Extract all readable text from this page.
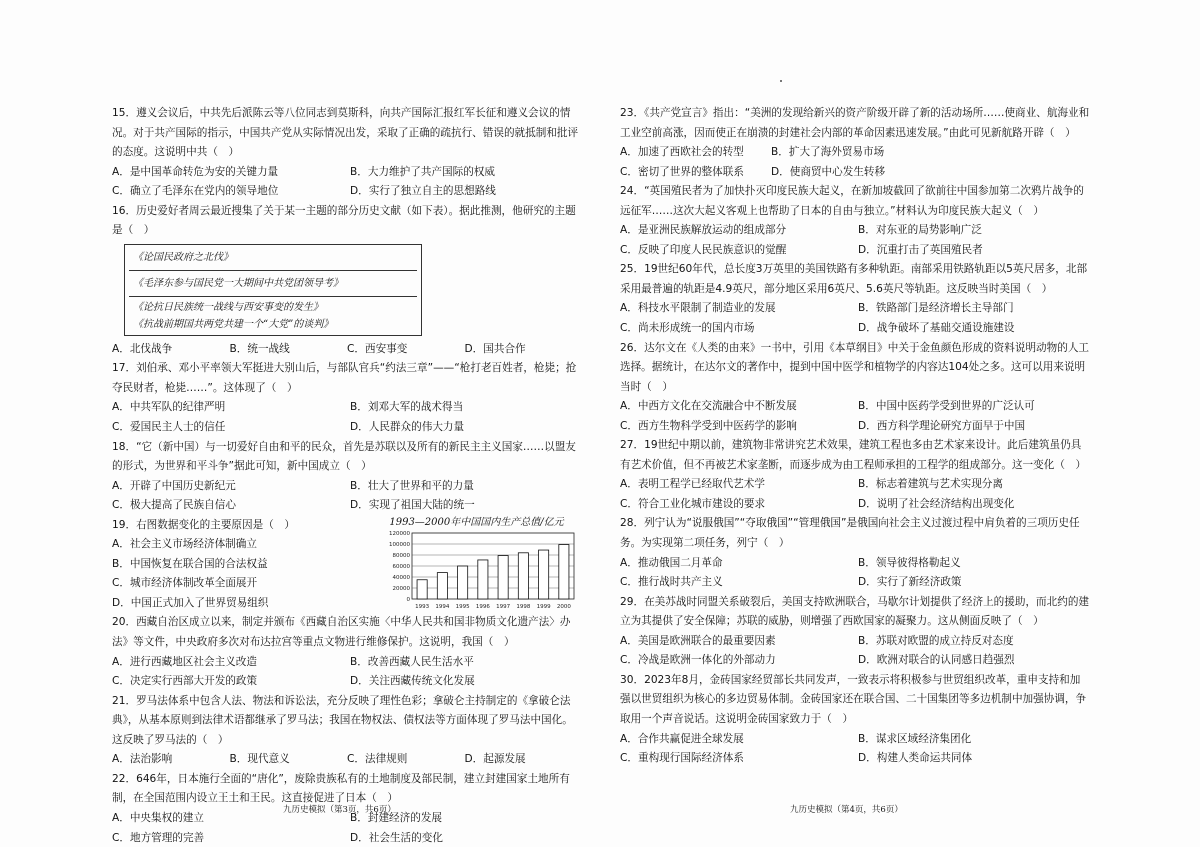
15．遵义会议后，中共先后派陈云等八位同志到莫斯科，向共产国际汇报红军长征和遵义会议的情况。对于共产国际的指示，中国共产党从实际情况出发，采取了正确的疏抗行、错误的就抵制和批评的态度。这说明中共（　）

A．是中国革命转危为安的关键力量	B．大力维护了共产国际的权威
C．确立了毛泽东在党内的领导地位	D．实行了独立自主的思想路线

16．历史爱好者周云最近搜集了关于某一主题的部分历史文献（如下表）。据此推测，他研究的主题是（　）

《论国民政府之北伐》
《毛泽东参与国民党一大期间中共党团领导考》
《论抗日民族统一战线与西安事变的发生》
《抗战前期国共两党共建一个“大党”的谈判》
A．北伐战争	B．统一战线	C．西安事变	D．国共合作

17．刘伯承、邓小平率领大军挺进大别山后，与部队官兵“约法三章”——“枪打老百姓者，枪毙；抢夺民财者，枪毙……”。这体现了（　）

A．中共军队的纪律严明	B．刘邓大军的战术得当
C．爱国民主人士的信任	D．人民群众的伟大力量

18．“它（新中国）与一切爱好自由和平的民众，首先是苏联以及所有的新民主主义国家……以盟友的形式，为世界和平斗争”据此可知，新中国成立（　）

A．开辟了中国历史新纪元	B．壮大了世界和平的力量
C．极大提高了民族自信心	D．实现了祖国大陆的统一

19．右图数据变化的主要原因是（　）

A．社会主义市场经济体制确立
B．中国恢复在联合国的合法权益
C．城市经济体制改革全面展开
D．中国正式加入了世界贸易组织
1993—2000年中国国内生产总值/亿元
120000
100000
80000
60000
40000
20000
0
1993 1994 1995 1996 1997 1998 1999 2000

20．西藏自治区成立以来，制定并颁布《西藏自治区实施〈中华人民共和国非物质文化遗产法〉办法》等文件，中央政府多次对布达拉宫等重点文物进行维修保护。这说明，我国（　）

A．进行西藏地区社会主义改造	B．改善西藏人民生活水平
C．决定实行西部大开发的政策	D．关注西藏传统文化发展

21．罗马法体系中包含人法、物法和诉讼法，充分反映了理性色彩；拿破仑主持制定的《拿破仑法典》，从基本原则到法律术语都继承了罗马法；我国在物权法、债权法等方面体现了罗马法中国化。这反映了罗马法的（　）

A．法治影响	B．现代意义	C．法律规则	D．起源发展

22．646年，日本施行全面的“唐化”，废除贵族私有的土地制度及部民制，建立封建国家土地所有制，在全国范围内设立王土和王民。这直接促进了日本（　）

A．中央集权的建立	B．封建经济的发展
C．地方管理的完善	D．社会生活的变化

23．《共产党宣言》指出：“美洲的发现给新兴的资产阶级开辟了新的活动场所……使商业、航海业和工业空前高涨，因而使正在崩溃的封建社会内部的革命因素迅速发展。”由此可见新航路开辟（　）

A．加速了西欧社会的转型	B．扩大了海外贸易市场
C．密切了世界的整体联系	D．使商贸中心发生转移

24．“英国殖民者为了加快扑灭印度民族大起义，在新加坡截回了欲前往中国参加第二次鸦片战争的远征军……这次大起义客观上也帮助了日本的自由与独立。”材料认为印度民族大起义（　）

A．是亚洲民族解放运动的组成部分	B．对东亚的局势影响广泛
C．反映了印度人民民族意识的觉醒	D．沉重打击了英国殖民者

25．19世纪60年代，总长度3万英里的美国铁路有多种轨距。南部采用铁路轨距以5英尺居多，北部采用最普遍的轨距是4.9英尺，部分地区采用6英尺、5.6英尺等轨距。这反映当时美国（　）

A．科技水平限制了制造业的发展	B．铁路部门是经济增长主导部门
C．尚未形成统一的国内市场	D．战争破坏了基础交通设施建设

26．达尔文在《人类的由来》一书中，引用《本草纲目》中关于金鱼颜色形成的资料说明动物的人工选择。据统计，在达尔文的著作中，提到中国中医学和植物学的内容达104处之多。这可以用来说明当时（　）

A．中西方文化在交流融合中不断发展	B．中国中医药学受到世界的广泛认可
C．西方生物科学受到中医药学的影响	D．西方科学理论研究方面早于中国

27．19世纪中期以前，建筑物非常讲究艺术效果，建筑工程也多由艺术家来设计。此后建筑虽仍具有艺术价值，但不再被艺术家垄断，而逐步成为由工程师承担的工程学的组成部分。这一变化（　）

A．表明工程学已经取代艺术学	B．标志着建筑与艺术实现分离
C．符合工业化城市建设的要求	D．说明了社会经济结构出现变化

28．列宁认为“说服俄国”“夺取俄国”“管理俄国”是俄国向社会主义过渡过程中肩负着的三项历史任务。为实现第二项任务，列宁（　）

A．推动俄国二月革命	B．领导彼得格勒起义
C．推行战时共产主义	D．实行了新经济政策

29．在美苏战时同盟关系破裂后，美国支持欧洲联合，马歇尔计划提供了经济上的援助，而北约的建立为其提供了安全保障；苏联的威胁，则增强了西欧国家的凝聚力。这从侧面反映了（　）

A．美国是欧洲联合的最重要因素	B．苏联对欧盟的成立持反对态度
C．冷战是欧洲一体化的外部动力	D．欧洲对联合的认同感日趋强烈

30．2023年8月，金砖国家经贸部长共同发声，一致表示将积极参与世贸组织改革，重申支持和加强以世贸组织为核心的多边贸易体制。金砖国家还在联合国、二十国集团等多边机制中加强协调，争取用一个声音说话。这说明金砖国家致力于（　）

A．合作共赢促进全球发展	B．谋求区域经济集团化
C．重构现行国际经济体系	D．构建人类命运共同体
九历史模拟（第3页，共6页）	九历史模拟（第4页，共6页）
